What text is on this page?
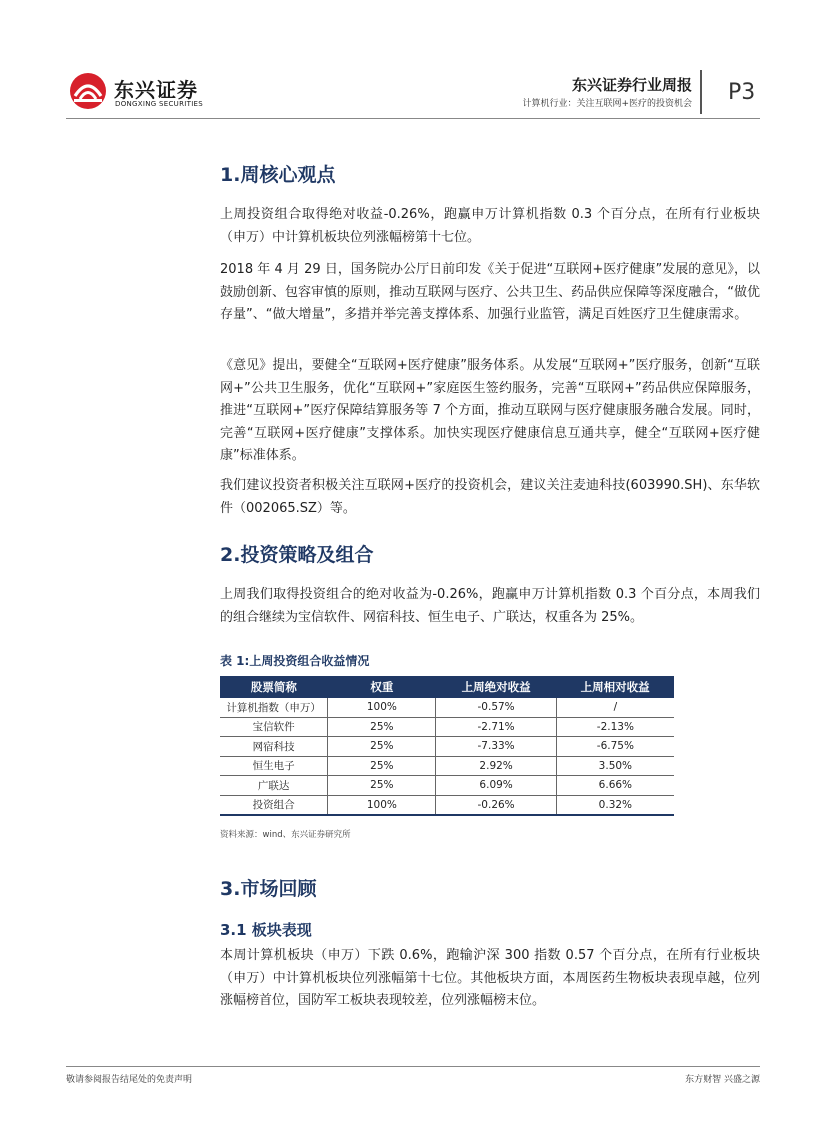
东兴证券
DONGXING SECURITIES
东兴证券行业周报
计算机行业：关注互联网+医疗的投资机会 P3
1.周核心观点
上周投资组合取得绝对收益-0.26%，跑赢申万计算机指数 0.3 个百分点，在所有行业板块（申万）中计算机板块位列涨幅榜第十七位。
2018 年 4 月 29 日，国务院办公厅日前印发《关于促进“互联网+医疗健康”发展的意见》，以鼓励创新、包容审慎的原则，推动互联网与医疗、公共卫生、药品供应保障等深度融合，“做优存量”、“做大增量”，多措并举完善支撑体系、加强行业监管，满足百姓医疗卫生健康需求。
《意见》提出，要健全“互联网+医疗健康”服务体系。从发展“互联网+”医疗服务，创新“互联网+”公共卫生服务，优化“互联网+”家庭医生签约服务，完善“互联网+”药品供应保障服务，推进“互联网+”医疗保障结算服务等 7 个方面，推动互联网与医疗健康服务融合发展。同时，完善“互联网+医疗健康”支撑体系。加快实现医疗健康信息互通共享，健全“互联网+医疗健康”标准体系。
我们建议投资者积极关注互联网+医疗的投资机会，建议关注麦迪科技(603990.SH)、东华软件（002065.SZ）等。
2.投资策略及组合
上周我们取得投资组合的绝对收益为-0.26%，跑赢申万计算机指数 0.3 个百分点，本周我们的组合继续为宝信软件、网宿科技、恒生电子、广联达，权重各为 25%。
表 1:上周投资组合收益情况
股票简称	权重	上周绝对收益	上周相对收益
计算机指数（申万）	100%	-0.57%	/
宝信软件	25%	-2.71%	-2.13%
网宿科技	25%	-7.33%	-6.75%
恒生电子	25%	2.92%	3.50%
广联达	25%	6.09%	6.66%
投资组合	100%	-0.26%	0.32%
资料来源：wind、东兴证券研究所
3.市场回顾
3.1 板块表现
本周计算机板块（申万）下跌 0.6%，跑输沪深 300 指数 0.57 个百分点，在所有行业板块（申万）中计算机板块位列涨幅第十七位。其他板块方面，本周医药生物板块表现卓越，位列涨幅榜首位，国防军工板块表现较差，位列涨幅榜末位。
敬请参阅报告结尾处的免责声明	东方财智 兴盛之源
